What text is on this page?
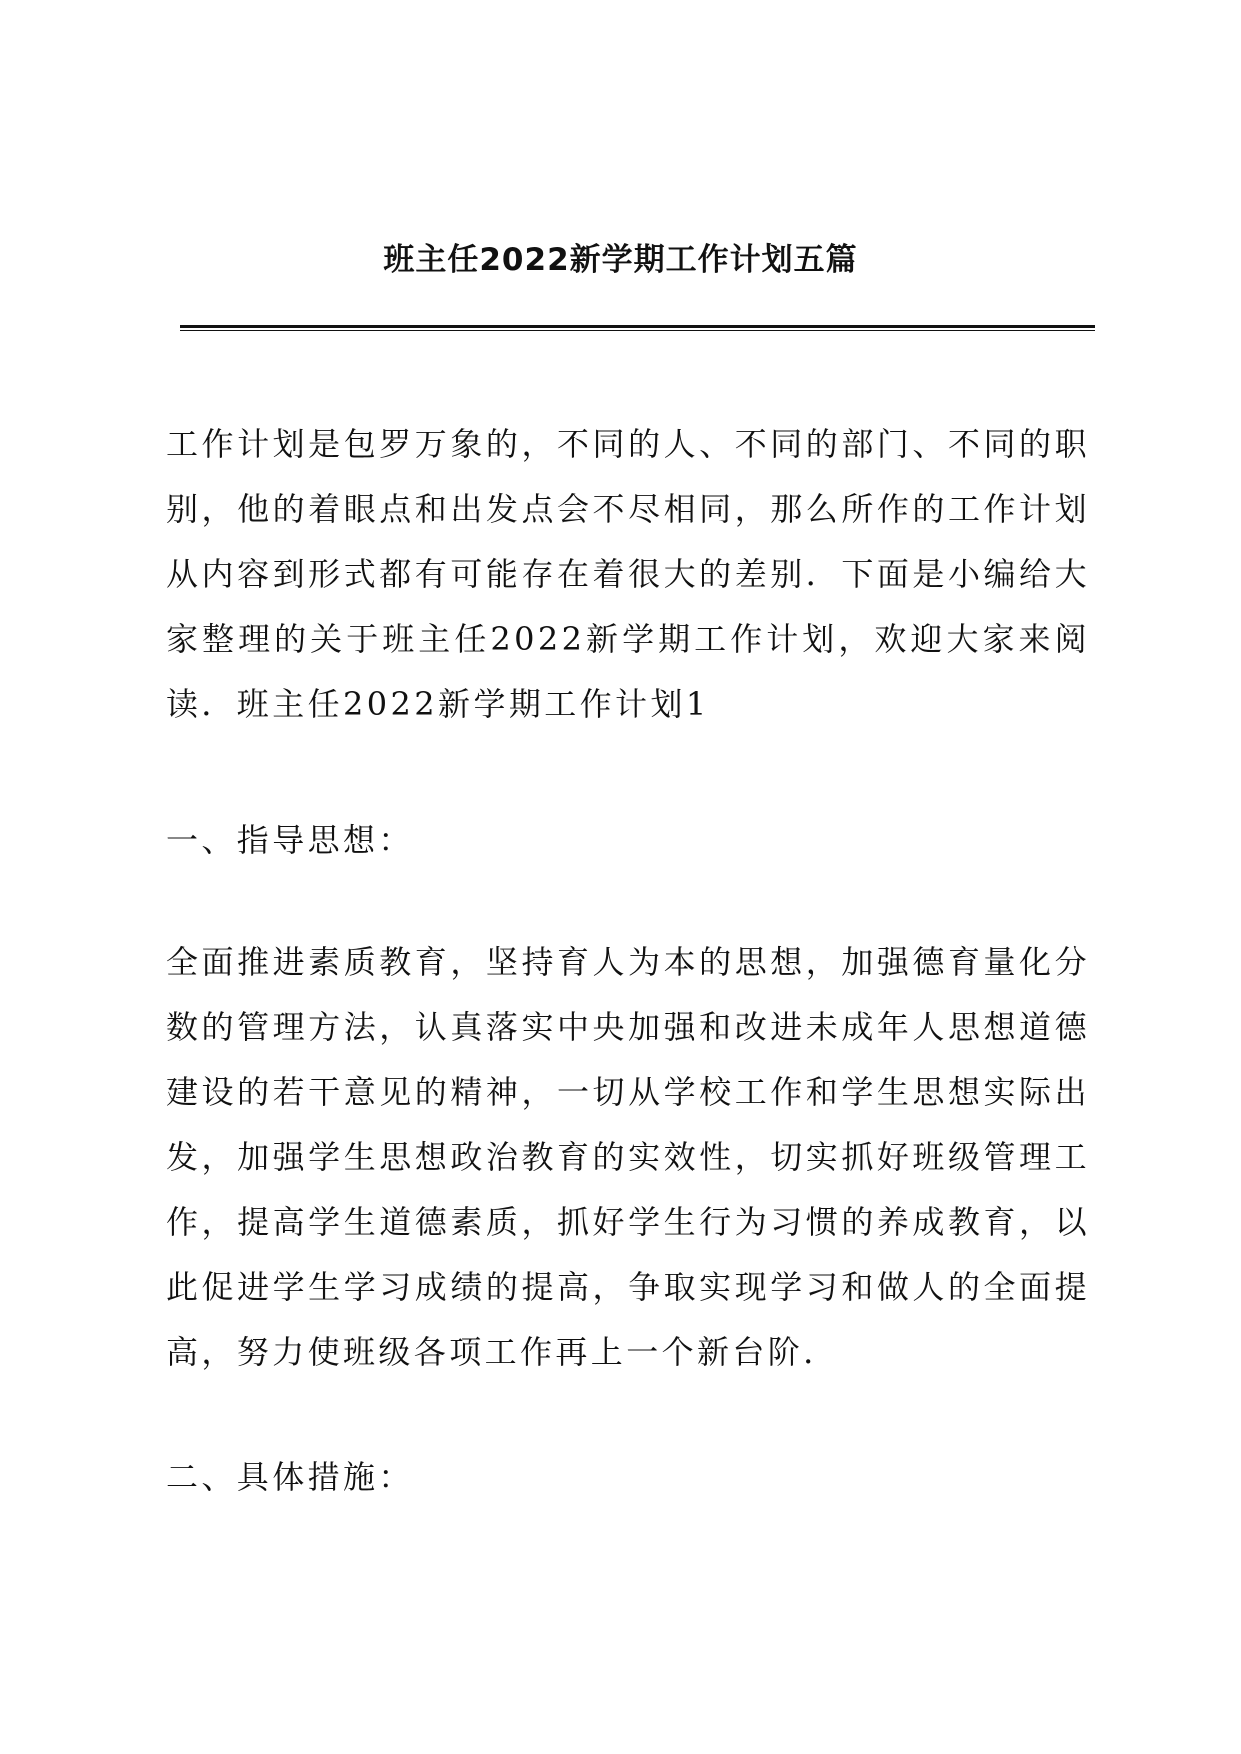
班主任2022新学期工作计划五篇

工作计划是包罗万象的，不同的人、不同的部门、不同的职别，他的着眼点和出发点会不尽相同，那么所作的工作计划从内容到形式都有可能存在着很大的差别．下面是小编给大家整理的关于班主任2022新学期工作计划，欢迎大家来阅读．班主任2022新学期工作计划1

一、指导思想：

全面推进素质教育，坚持育人为本的思想，加强德育量化分数的管理方法，认真落实中央加强和改进未成年人思想道德建设的若干意见的精神，一切从学校工作和学生思想实际出发，加强学生思想政治教育的实效性，切实抓好班级管理工作，提高学生道德素质，抓好学生行为习惯的养成教育，以此促进学生学习成绩的提高，争取实现学习和做人的全面提高，努力使班级各项工作再上一个新台阶．

二、具体措施：
